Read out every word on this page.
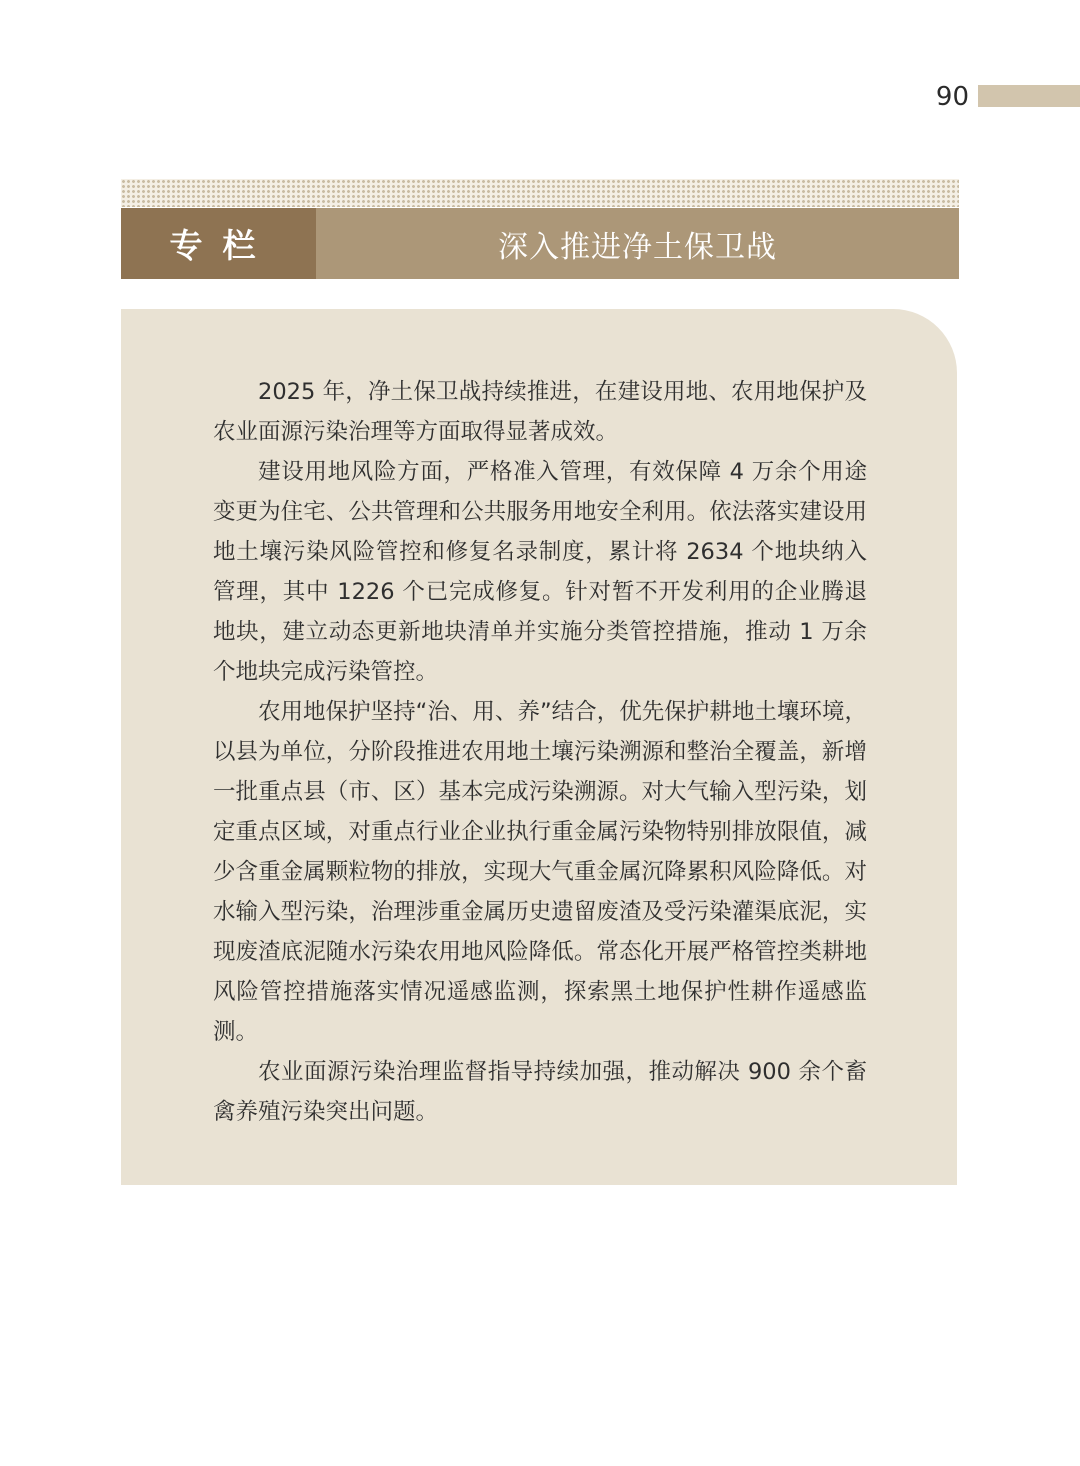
90
专栏	深入推进净土保卫战

2025 年，净土保卫战持续推进，在建设用地、农用地保护及农业面源污染治理等方面取得显著成效。

建设用地风险方面，严格准入管理，有效保障 4 万余个用途变更为住宅、公共管理和公共服务用地安全利用。依法落实建设用地土壤污染风险管控和修复名录制度，累计将 2634 个地块纳入管理，其中 1226 个已完成修复。针对暂不开发利用的企业腾退地块，建立动态更新地块清单并实施分类管控措施，推动 1 万余个地块完成污染管控。

农用地保护坚持“治、用、养”结合，优先保护耕地土壤环境，以县为单位，分阶段推进农用地土壤污染溯源和整治全覆盖，新增一批重点县（市、区）基本完成污染溯源。对大气输入型污染，划定重点区域，对重点行业企业执行重金属污染物特别排放限值，减少含重金属颗粒物的排放，实现大气重金属沉降累积风险降低。对水输入型污染，治理涉重金属历史遗留废渣及受污染灌渠底泥，实现废渣底泥随水污染农用地风险降低。常态化开展严格管控类耕地风险管控措施落实情况遥感监测，探索黑土地保护性耕作遥感监测。

农业面源污染治理监督指导持续加强，推动解决 900 余个畜禽养殖污染突出问题。
